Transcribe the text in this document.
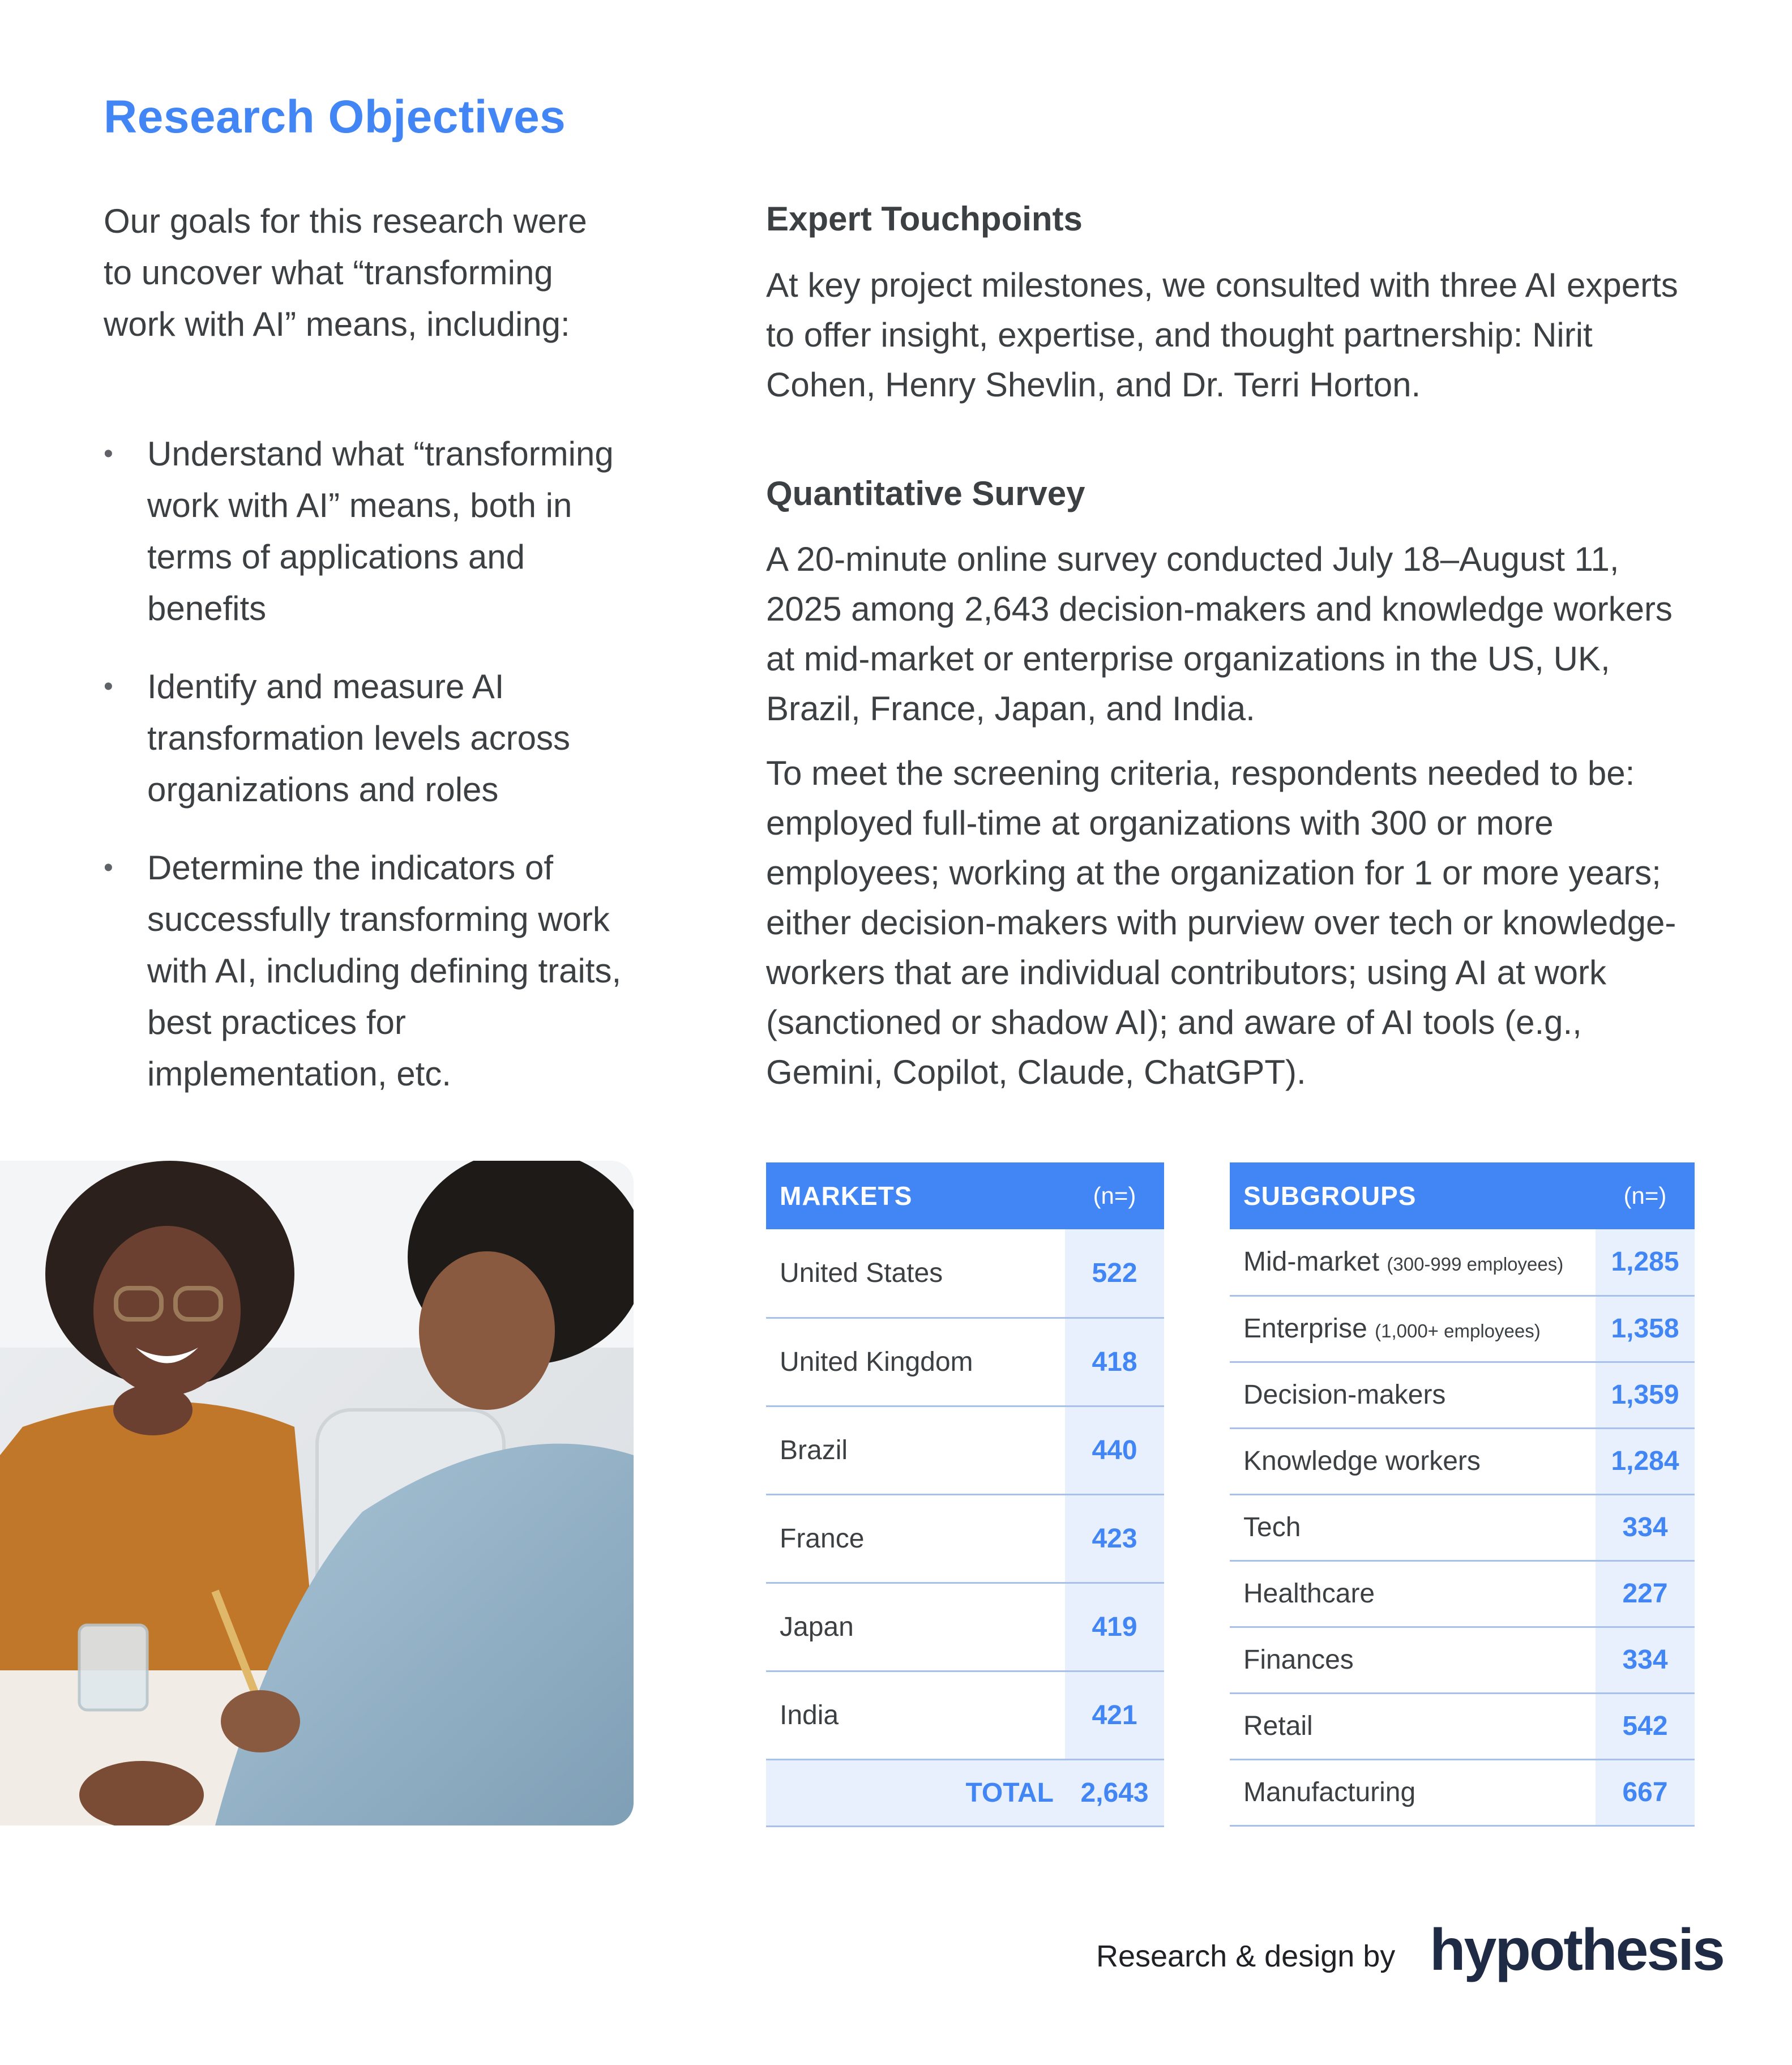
Research Objectives

Our goals for this research were to uncover what “transforming work with AI” means, including:

• Understand what “transforming work with AI” means, both in terms of applications and benefits
• Identify and measure AI transformation levels across organizations and roles
• Determine the indicators of successfully transforming work with AI, including defining traits, best practices for implementation, etc.
Expert Touchpoints

At key project milestones, we consulted with three AI experts to offer insight, expertise, and thought partnership: Nirit Cohen, Henry Shevlin, and Dr. Terri Horton.

Quantitative Survey

A 20-minute online survey conducted July 18–August 11, 2025 among 2,643 decision-makers and knowledge workers at mid-market or enterprise organizations in the US, UK, Brazil, France, Japan, and India.

To meet the screening criteria, respondents needed to be: employed full-time at organizations with 300 or more employees; working at the organization for 1 or more years; either decision-makers with purview over tech or knowledge-workers that are individual contributors; using AI at work (sanctioned or shadow AI); and aware of AI tools (e.g., Gemini, Copilot, Claude, ChatGPT).

MARKETS	(n=)
United States	522
United Kingdom	418
Brazil	440
France	423
Japan	419
India	421
TOTAL	2,643
SUBGROUPS	(n=)
Mid-market (300-999 employees)	1,285
Enterprise (1,000+ employees)	1,358
Decision-makers	1,359
Knowledge workers	1,284
Tech	334
Healthcare	227
Finances	334
Retail	542
Manufacturing	667
Research & design by hypothesis
